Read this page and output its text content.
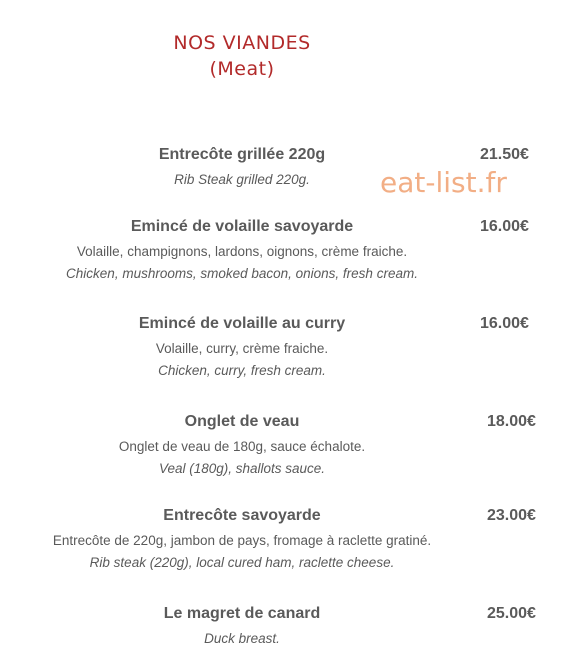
NOS VIANDES
(Meat)
eat-list.fr
Entrecôte grillée 220g	21.50€
Rib Steak grilled 220g.
Emincé de volaille savoyarde	16.00€
Volaille, champignons, lardons, oignons, crème fraiche.
Chicken, mushrooms, smoked bacon, onions, fresh cream.
Emincé de volaille au curry	16.00€
Volaille, curry, crème fraiche.
Chicken, curry, fresh cream.
Onglet de veau	18.00€
Onglet de veau de 180g, sauce échalote.
Veal (180g), shallots sauce.
Entrecôte savoyarde	23.00€
Entrecôte de 220g, jambon de pays, fromage à raclette gratiné.
Rib steak (220g), local cured ham, raclette cheese.
Le magret de canard	25.00€
Duck breast.
